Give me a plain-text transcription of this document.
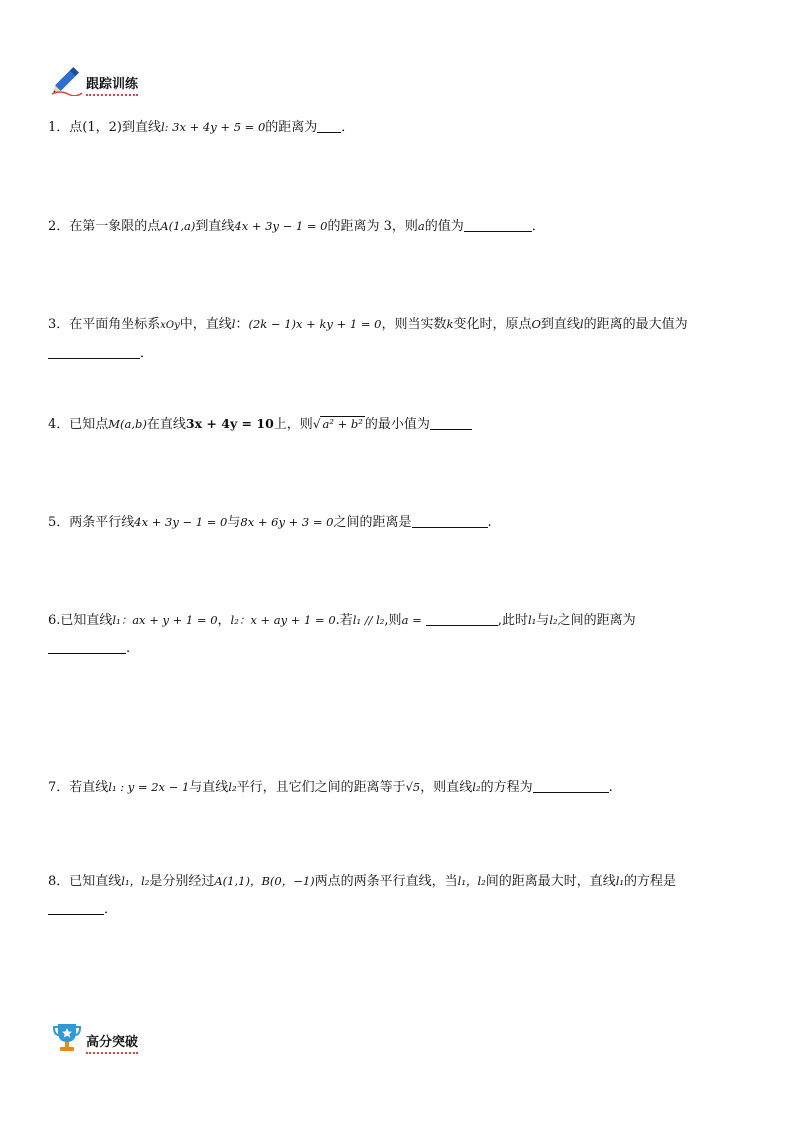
跟踪训练
1．点(1，2)到直线l: 3x + 4y + 5 = 0的距离为 ．
2．在第一象限的点A(1,a)到直线4x + 3y − 1 = 0的距离为 3，则a的值为	．
3．在平面角坐标系xOy中，直线l：(2k − 1)x + ky + 1 = 0，则当实数k变化时，原点O到直线l的距离的最大值为
．
4．已知点M(a,b)在直线3x + 4y = 10上，则√ a² + b² 的最小值为
5．两条平行线4x + 3y − 1 = 0与8x + 6y + 3 = 0之间的距离是	.
6.已知直线l₁：ax + y + 1 = 0，l₂：x + ay + 1 = 0.若l₁ // l₂,则a =	,此时l₁与l₂之间的距离为
.
7．若直线l₁ : y = 2x − 1与直线l₂平行，且它们之间的距离等于√5，则直线l₂的方程为	.
8．已知直线l₁，l₂是分别经过A(1,1)，B(0，−1)两点的两条平行直线，当l₁，l₂间的距离最大时，直线l₁的方程是
．
高分突破
